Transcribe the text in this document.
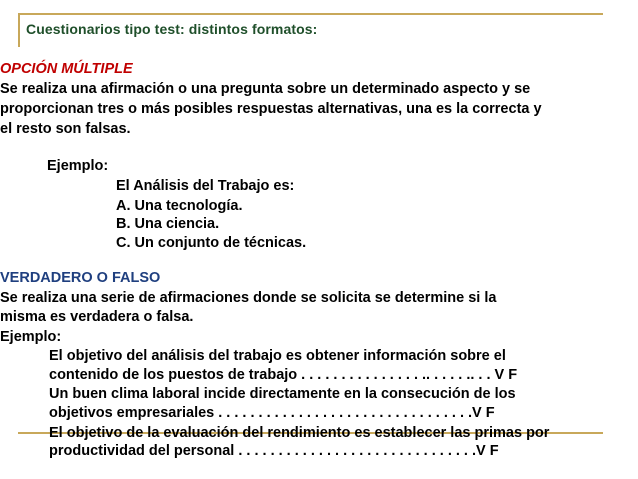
Cuestionarios tipo test: distintos formatos:
OPCIÓN MÚLTIPLE
Se realiza una afirmación o una pregunta sobre un determinado aspecto y se
proporcionan tres o más posibles respuestas alternativas, una es la correcta y
el resto son falsas.
Ejemplo:
El Análisis del Trabajo es:
A. Una tecnología.
B. Una ciencia.
C. Un conjunto de técnicas.
VERDADERO O FALSO
Se realiza una serie de afirmaciones donde se solicita se determine si la
misma es verdadera o falsa.
Ejemplo:
El objetivo del análisis del trabajo es obtener información sobre el
contenido de los puestos de trabajo . . . . . . . . . . . . . . . .. . . . . .. . . V F
Un buen clima laboral incide directamente en la consecución de los
objetivos empresariales . . . . . . . . . . . . . . . . . . . . . . . . . . . . . . . .V F
El objetivo de la evaluación del rendimiento es establecer las primas por
productividad del personal . . . . . . . . . . . . . . . . . . . . . . . . . . . . . .V F
